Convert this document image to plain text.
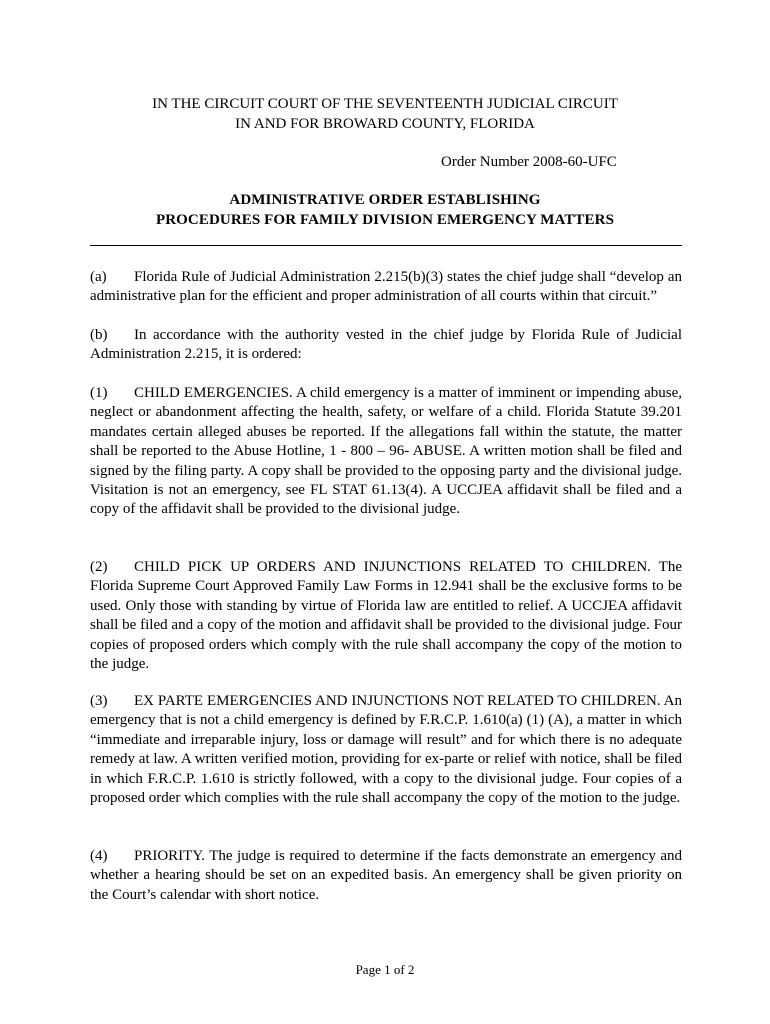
IN THE CIRCUIT COURT OF THE SEVENTEENTH JUDICIAL CIRCUIT
IN AND FOR BROWARD COUNTY, FLORIDA
Order Number 2008-60-UFC
ADMINISTRATIVE ORDER ESTABLISHING
PROCEDURES FOR FAMILY DIVISION EMERGENCY MATTERS
(a) Florida Rule of Judicial Administration 2.215(b)(3) states the chief judge shall “develop an administrative plan for the efficient and proper administration of all courts within that circuit.”
(b) In accordance with the authority vested in the chief judge by Florida Rule of Judicial Administration 2.215, it is ordered:
(1) CHILD EMERGENCIES. A child emergency is a matter of imminent or impending abuse, neglect or abandonment affecting the health, safety, or welfare of a child. Florida Statute 39.201 mandates certain alleged abuses be reported. If the allegations fall within the statute, the matter shall be reported to the Abuse Hotline, 1 - 800 – 96- ABUSE. A written motion shall be filed and signed by the filing party. A copy shall be provided to the opposing party and the divisional judge. Visitation is not an emergency, see FL STAT 61.13(4). A UCCJEA affidavit shall be filed and a copy of the affidavit shall be provided to the divisional judge.
(2) CHILD PICK UP ORDERS AND INJUNCTIONS RELATED TO CHILDREN. The Florida Supreme Court Approved Family Law Forms in 12.941 shall be the exclusive forms to be used. Only those with standing by virtue of Florida law are entitled to relief. A UCCJEA affidavit shall be filed and a copy of the motion and affidavit shall be provided to the divisional judge. Four copies of proposed orders which comply with the rule shall accompany the copy of the motion to the judge.
(3) EX PARTE EMERGENCIES AND INJUNCTIONS NOT RELATED TO CHILDREN. An emergency that is not a child emergency is defined by F.R.C.P. 1.610(a) (1) (A), a matter in which “immediate and irreparable injury, loss or damage will result” and for which there is no adequate remedy at law. A written verified motion, providing for ex-parte or relief with notice, shall be filed in which F.R.C.P. 1.610 is strictly followed, with a copy to the divisional judge. Four copies of a proposed order which complies with the rule shall accompany the copy of the motion to the judge.
(4) PRIORITY. The judge is required to determine if the facts demonstrate an emergency and whether a hearing should be set on an expedited basis. An emergency shall be given priority on the Court’s calendar with short notice.
Page 1 of 2
